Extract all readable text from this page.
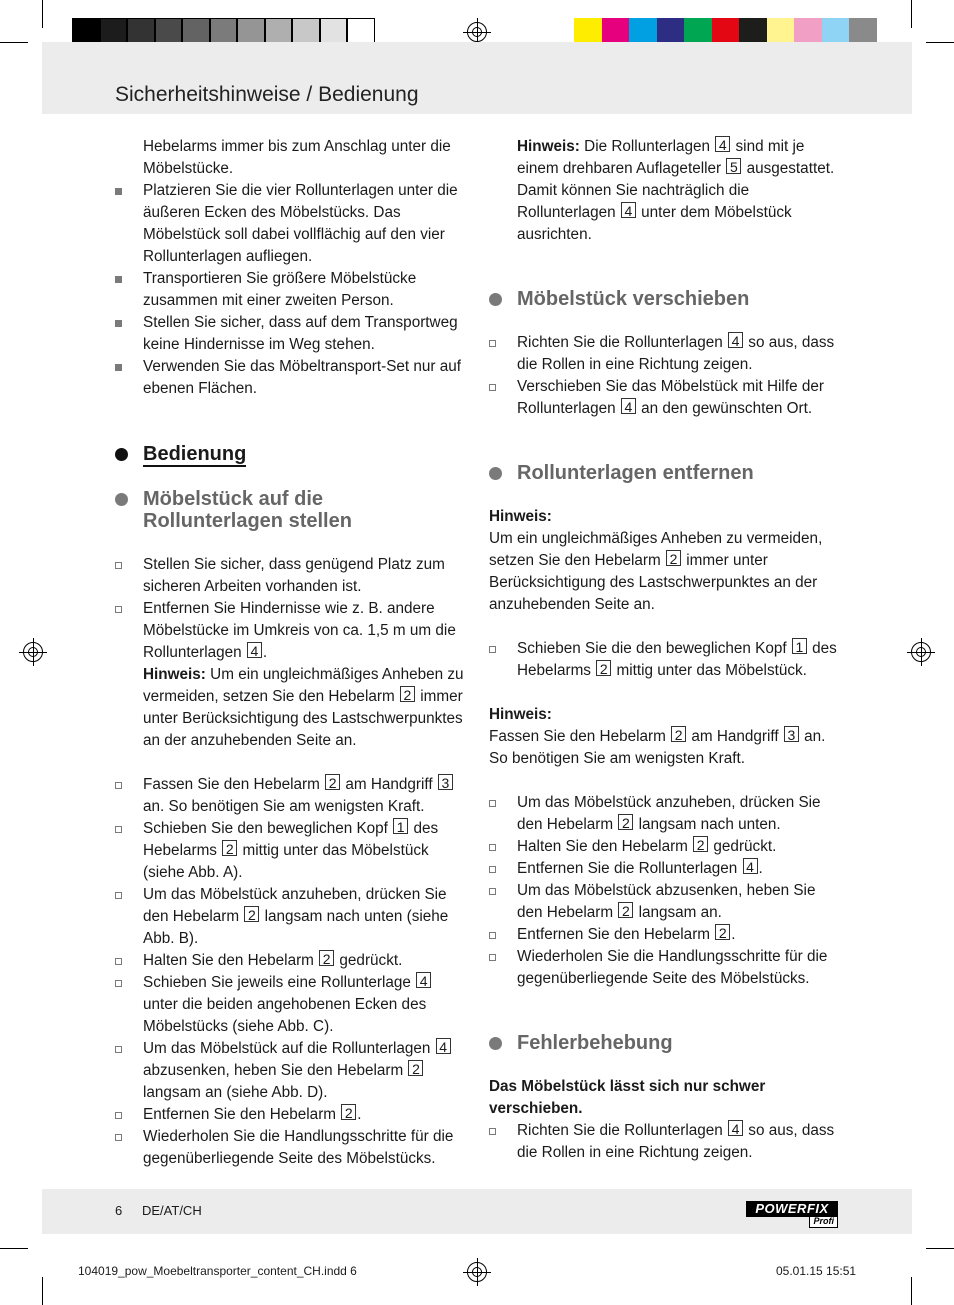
Sicherheitshinweise / Bedienung

Hebelarms immer bis zum Anschlag unter die Möbelstücke.

Platzieren Sie die vier Rollunterlagen unter die äußeren Ecken des Möbelstücks. Das Möbelstück soll dabei vollflächig auf den vier Rollunterlagen aufliegen.
Transportieren Sie größere Möbelstücke zusammen mit einer zweiten Person.
Stellen Sie sicher, dass auf dem Transportweg keine Hindernisse im Weg stehen.
Verwenden Sie das Möbeltransport-Set nur auf ebenen Flächen.
Bedienung
Möbelstück auf die Rollunterlagen stellen
Stellen Sie sicher, dass genügend Platz zum sicheren Arbeiten vorhanden ist.
Entfernen Sie Hindernisse wie z. B. andere Möbelstücke im Umkreis von ca. 1,5 m um die Rollunterlagen 4 .

Hinweis: Um ein ungleichmäßiges Anheben zu vermeiden, setzen Sie den Hebelarm 2 immer unter Berücksichtigung des Lastschwerpunktes an der anzuhebenden Seite an.

Fassen Sie den Hebelarm 2 am Handgriff 3 an. So benötigen Sie am wenigsten Kraft.
Schieben Sie den beweglichen Kopf 1 des Hebelarms 2 mittig unter das Möbelstück (siehe Abb. A).
Um das Möbelstück anzuheben, drücken Sie den Hebelarm 2 langsam nach unten (siehe Abb. B).
Halten Sie den Hebelarm 2 gedrückt.
Schieben Sie jeweils eine Rollunterlage 4 unter die beiden angehobenen Ecken des Möbelstücks (siehe Abb. C).
Um das Möbelstück auf die Rollunterlagen 4 abzusenken, heben Sie den Hebelarm 2 langsam an (siehe Abb. D).
Entfernen Sie den Hebelarm 2 .
Wiederholen Sie die Handlungsschritte für die gegenüberliegende Seite des Möbelstücks.

Hinweis: Die Rollunterlagen 4 sind mit je einem drehbaren Auflageteller 5 ausgestattet. Damit können Sie nachträglich die Rollunterlagen 4 unter dem Möbelstück ausrichten.

Möbelstück verschieben
Richten Sie die Rollunterlagen 4 so aus, dass die Rollen in eine Richtung zeigen.
Verschieben Sie das Möbelstück mit Hilfe der Rollunterlagen 4 an den gewünschten Ort.
Rollunterlagen entfernen

Hinweis:
Um ein ungleichmäßiges Anheben zu vermeiden, setzen Sie den Hebelarm 2 immer unter Berücksichtigung des Lastschwerpunktes an der anzuhebenden Seite an.

Schieben Sie die den beweglichen Kopf 1 des Hebelarms 2 mittig unter das Möbelstück.

Hinweis:
Fassen Sie den Hebelarm 2 am Handgriff 3 an. So benötigen Sie am wenigsten Kraft.

Um das Möbelstück anzuheben, drücken Sie den Hebelarm 2 langsam nach unten.
Halten Sie den Hebelarm 2 gedrückt.
Entfernen Sie die Rollunterlagen 4 .
Um das Möbelstück abzusenken, heben Sie den Hebelarm 2 langsam an.
Entfernen Sie den Hebelarm 2 .
Wiederholen Sie die Handlungsschritte für die gegenüberliegende Seite des Möbelstücks.
Fehlerbehebung

Das Möbelstück lässt sich nur schwer verschieben.

Richten Sie die Rollunterlagen 4 so aus, dass die Rollen in eine Richtung zeigen.
6 DE/AT/CH	POWERFIX
Profi
104019_pow_Moebeltransporter_content_CH.indd 6	05.01.15 15:51
